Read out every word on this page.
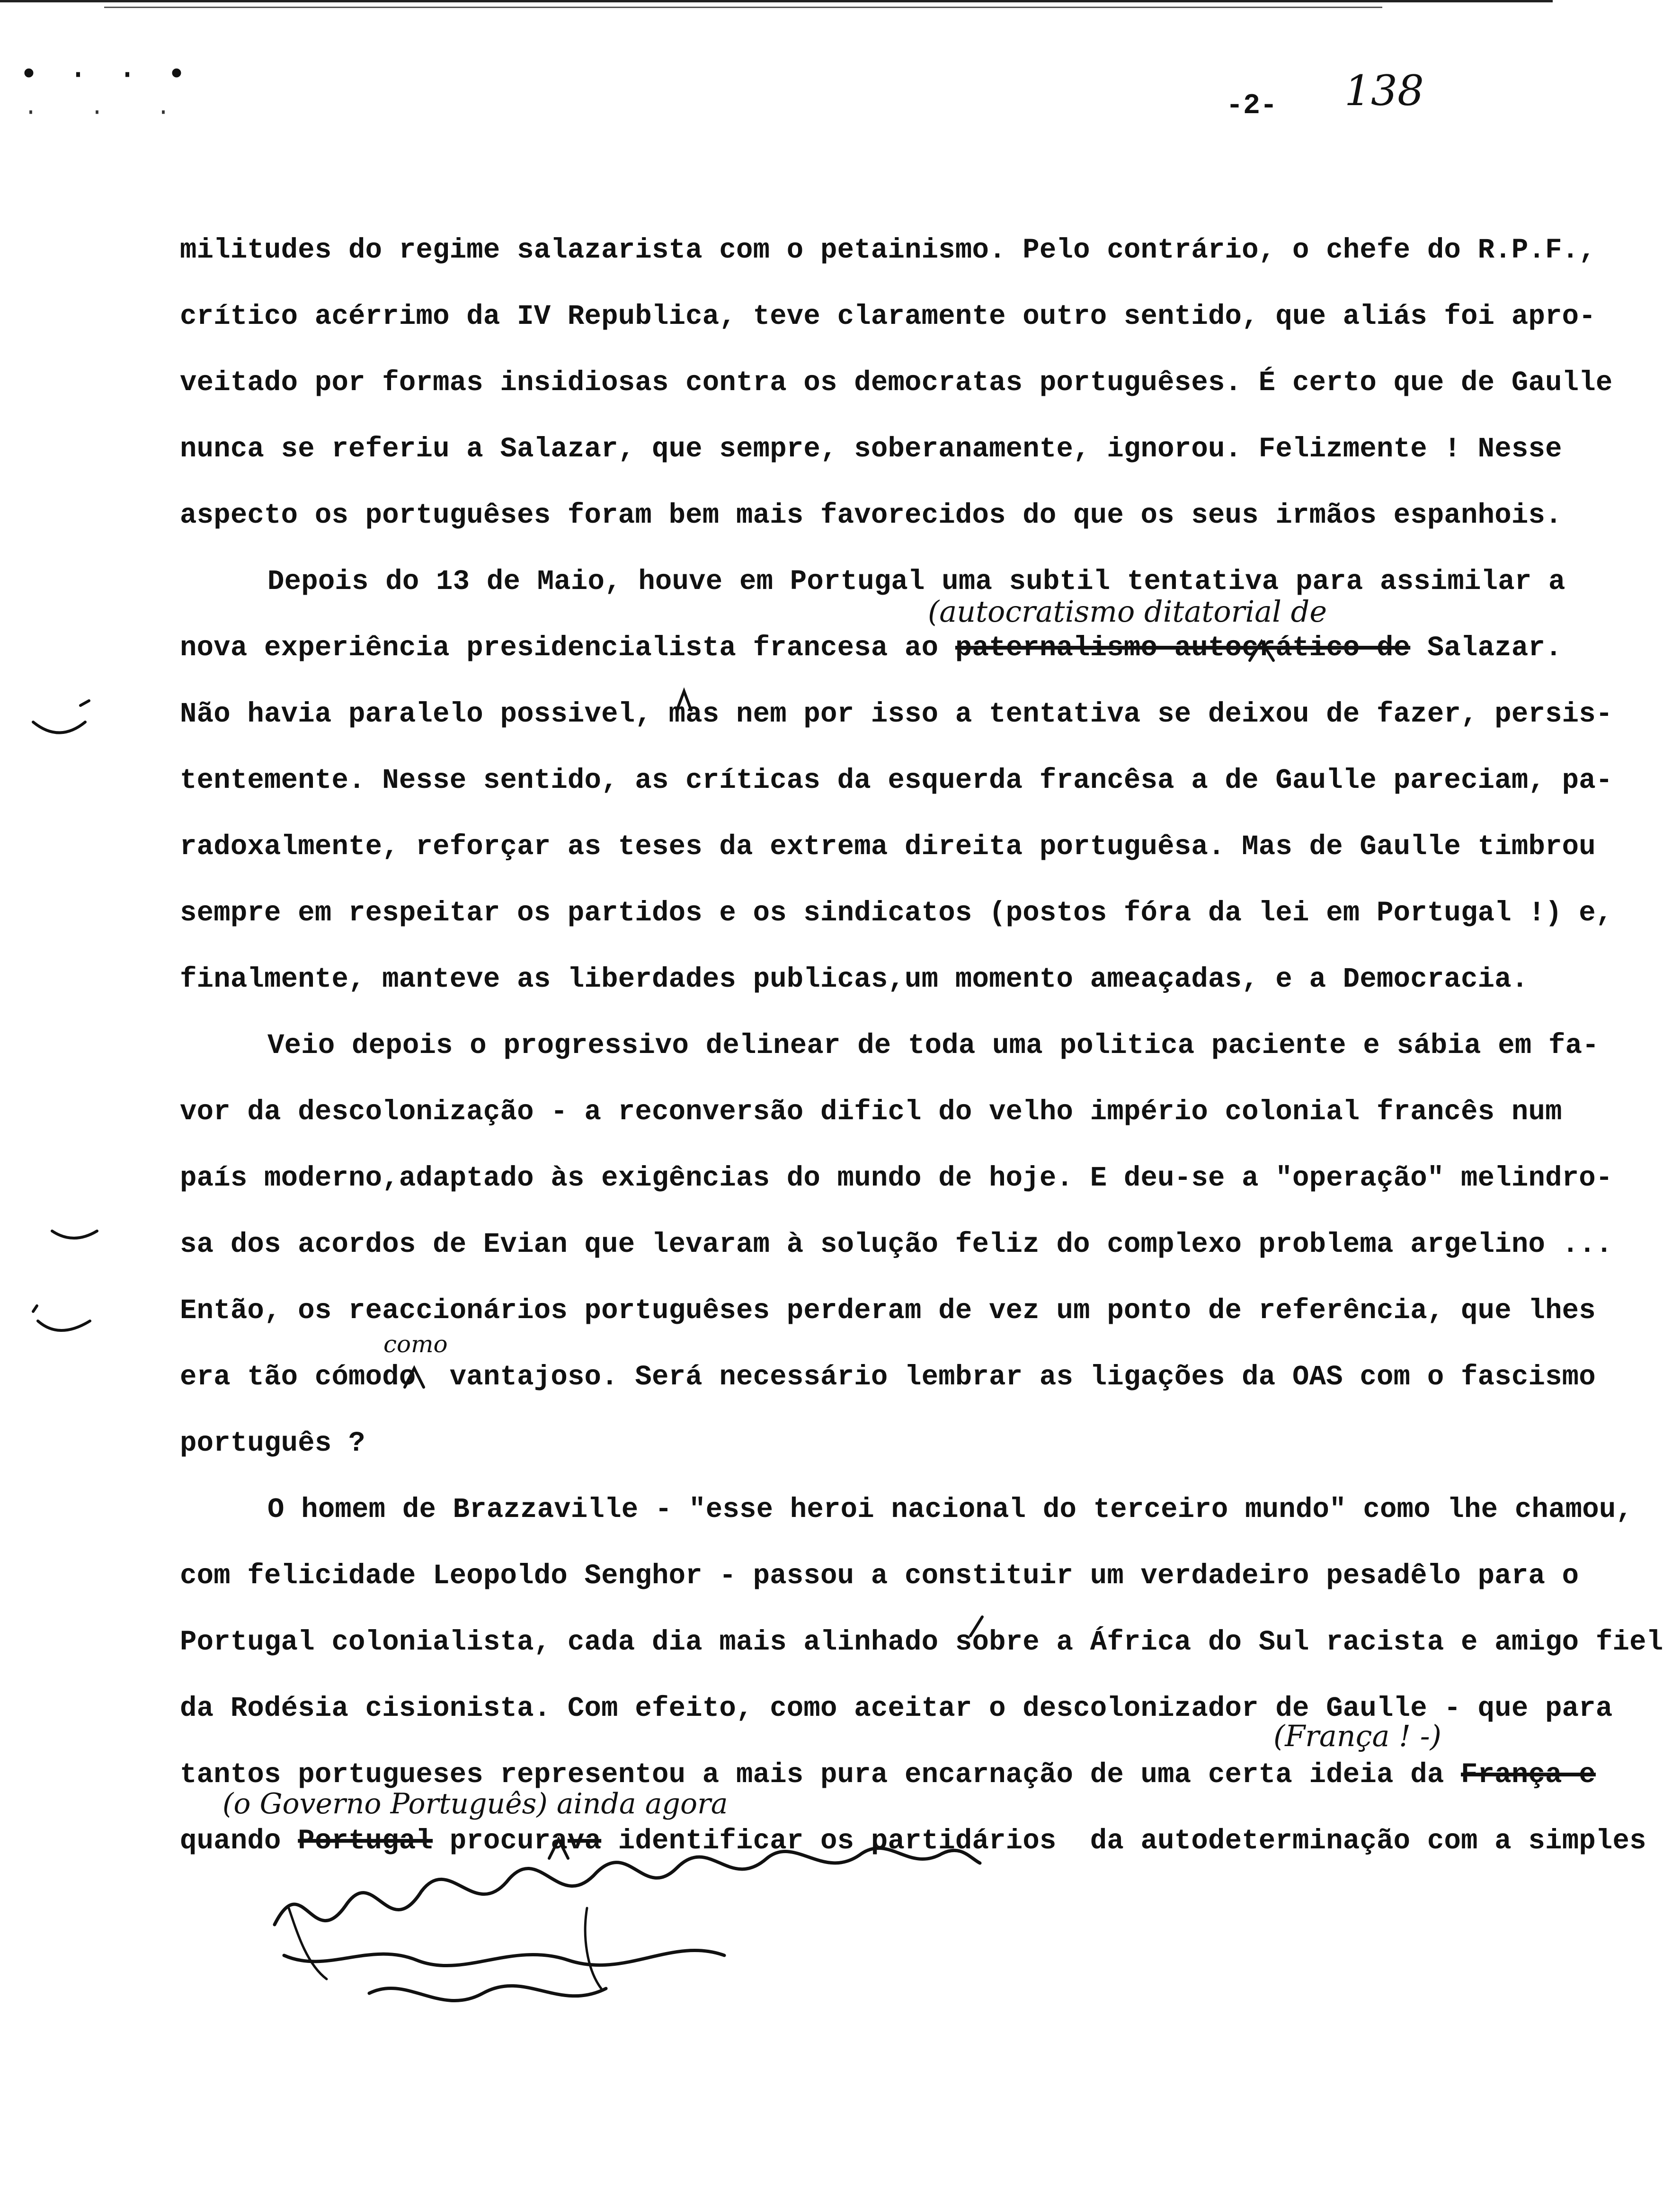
• · · •
· · ·	-2- 138
militudes do regime salazarista com o petainismo. Pelo contrário, o chefe do R.P.F.,
crítico acérrimo da IV Republica, teve claramente outro sentido, que aliás foi apro-
veitado por formas insidiosas contra os democratas portuguêses. É certo que de Gaulle
nunca se referiu a Salazar, que sempre, soberanamente, ignorou. Felizmente ! Nesse
aspecto os portuguêses foram bem mais favorecidos do que os seus irmãos espanhois.
Depois do 13 de Maio, houve em Portugal uma subtil tentativa para assimilar a
(autocratismo ditatorial de
nova experiência presidencialista francesa ao paternalismo autocrático de Salazar.
Não havia paralelo possivel, mas nem por isso a tentativa se deixou de fazer, persis-
tentemente. Nesse sentido, as críticas da esquerda francêsa a de Gaulle pareciam, pa-
radoxalmente, reforçar as teses da extrema direita portuguêsa. Mas de Gaulle timbrou
sempre em respeitar os partidos e os sindicatos (postos fóra da lei em Portugal !) e,
finalmente, manteve as liberdades publicas,um momento ameaçadas, e a Democracia.
Veio depois o progressivo delinear de toda uma politica paciente e sábia em fa-
vor da descolonização - a reconversão dificl do velho império colonial francês num
país moderno,adaptado às exigências do mundo de hoje. E deu-se a "operação" melindro-
sa dos acordos de Evian que levaram à solução feliz do complexo problema argelino ...
Então, os reaccionários portuguêses perderam de vez um ponto de referência, que lhes
como
era tão cómodo  vantajoso. Será necessário lembrar as ligações da OAS com o fascismo
português ?
O homem de Brazzaville - "esse heroi nacional do terceiro mundo" como lhe chamou,
com felicidade Leopoldo Senghor - passou a constituir um verdadeiro pesadêlo para o
Portugal colonialista, cada dia mais alinhado sobre a África do Sul racista e amigo fiel
da Rodésia cisionista. Com efeito, como aceitar o descolonizador de Gaulle - que para
(França ! -)
tantos portugueses representou a mais pura encarnação de uma certa ideia da França e
(o Governo Português) ainda agora
quando Portugal procurava identificar os partidários  da autodeterminação com a simples
